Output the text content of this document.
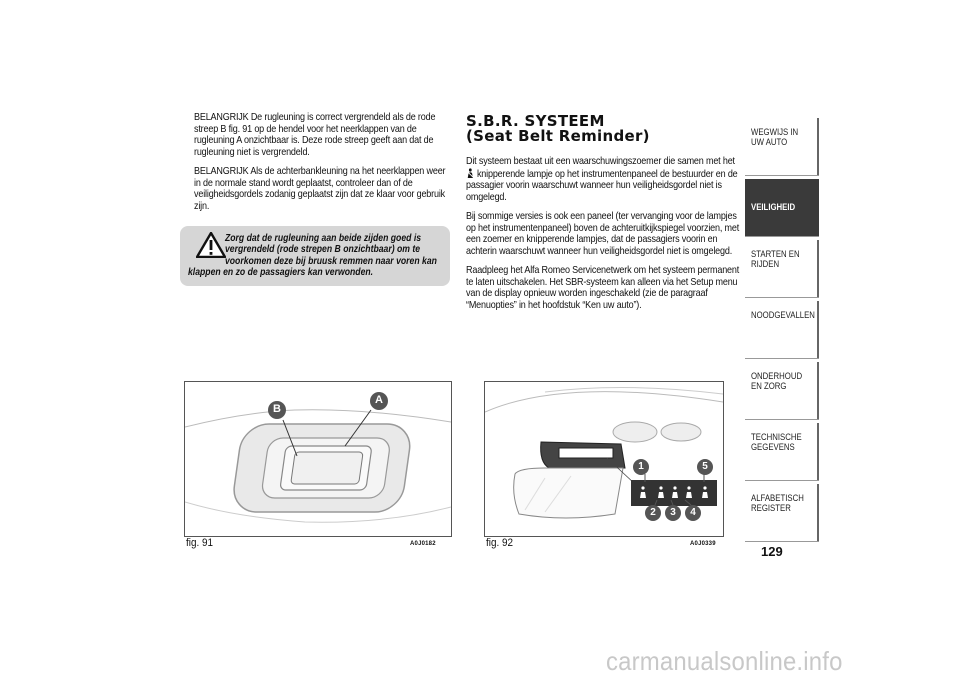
BELANGRIJK De rugleuning is correct vergrendeld als de rode streep B fig. 91 op de hendel voor het neerklappen van de rugleuning A onzichtbaar is. Deze rode streep geeft aan dat de rugleuning niet is vergrendeld.

BELANGRIJK Als de achterbankleuning na het neerklappen weer in de normale stand wordt geplaatst, controleer dan of de veiligheidsgordels zodanig geplaatst zijn dat ze klaar voor gebruik zijn.

Zorg dat de rugleuning aan beide zijden goed is
vergrendeld (rode strepen B onzichtbaar) om te
voorkomen deze bij bruusk remmen naar voren kan
klappen en zo de passagiers kan verwonden.
S.B.R. SYSTEEM
(Seat Belt Reminder)

Dit systeem bestaat uit een waarschuwingszoemer die samen met het
knipperende lampje op het instrumentenpaneel de bestuurder en de passagier voorin waarschuwt wanneer hun veiligheidsgordel niet is omgelegd.

Bij sommige versies is ook een paneel (ter vervanging voor de lampjes op het instrumentenpaneel) boven de achteruitkijkspiegel voorzien, met een zoemer en knipperende lampjes, dat de passagiers voorin en achterin waarschuwt wanneer hun veiligheidsgordel niet is omgelegd.

Raadpleeg het Alfa Romeo Servicenetwerk om het systeem permanent te laten uitschakelen. Het SBR-systeem kan alleen via het Setup menu van de display opnieuw worden ingeschakeld (zie de paragraaf “Menuopties” in het hoofdstuk “Ken uw auto”).

B
A
fig. 91	A0J0182
1	5
2	3	4
fig. 92	A0J0339
WEGWIJS IN UW AUTO
VEILIGHEID
STARTEN EN RIJDEN
NOODGEVALLEN
ONDERHOUD EN ZORG
TECHNISCHE GEGEVENS
ALFABETISCH REGISTER
129
carmanualsonline.info
